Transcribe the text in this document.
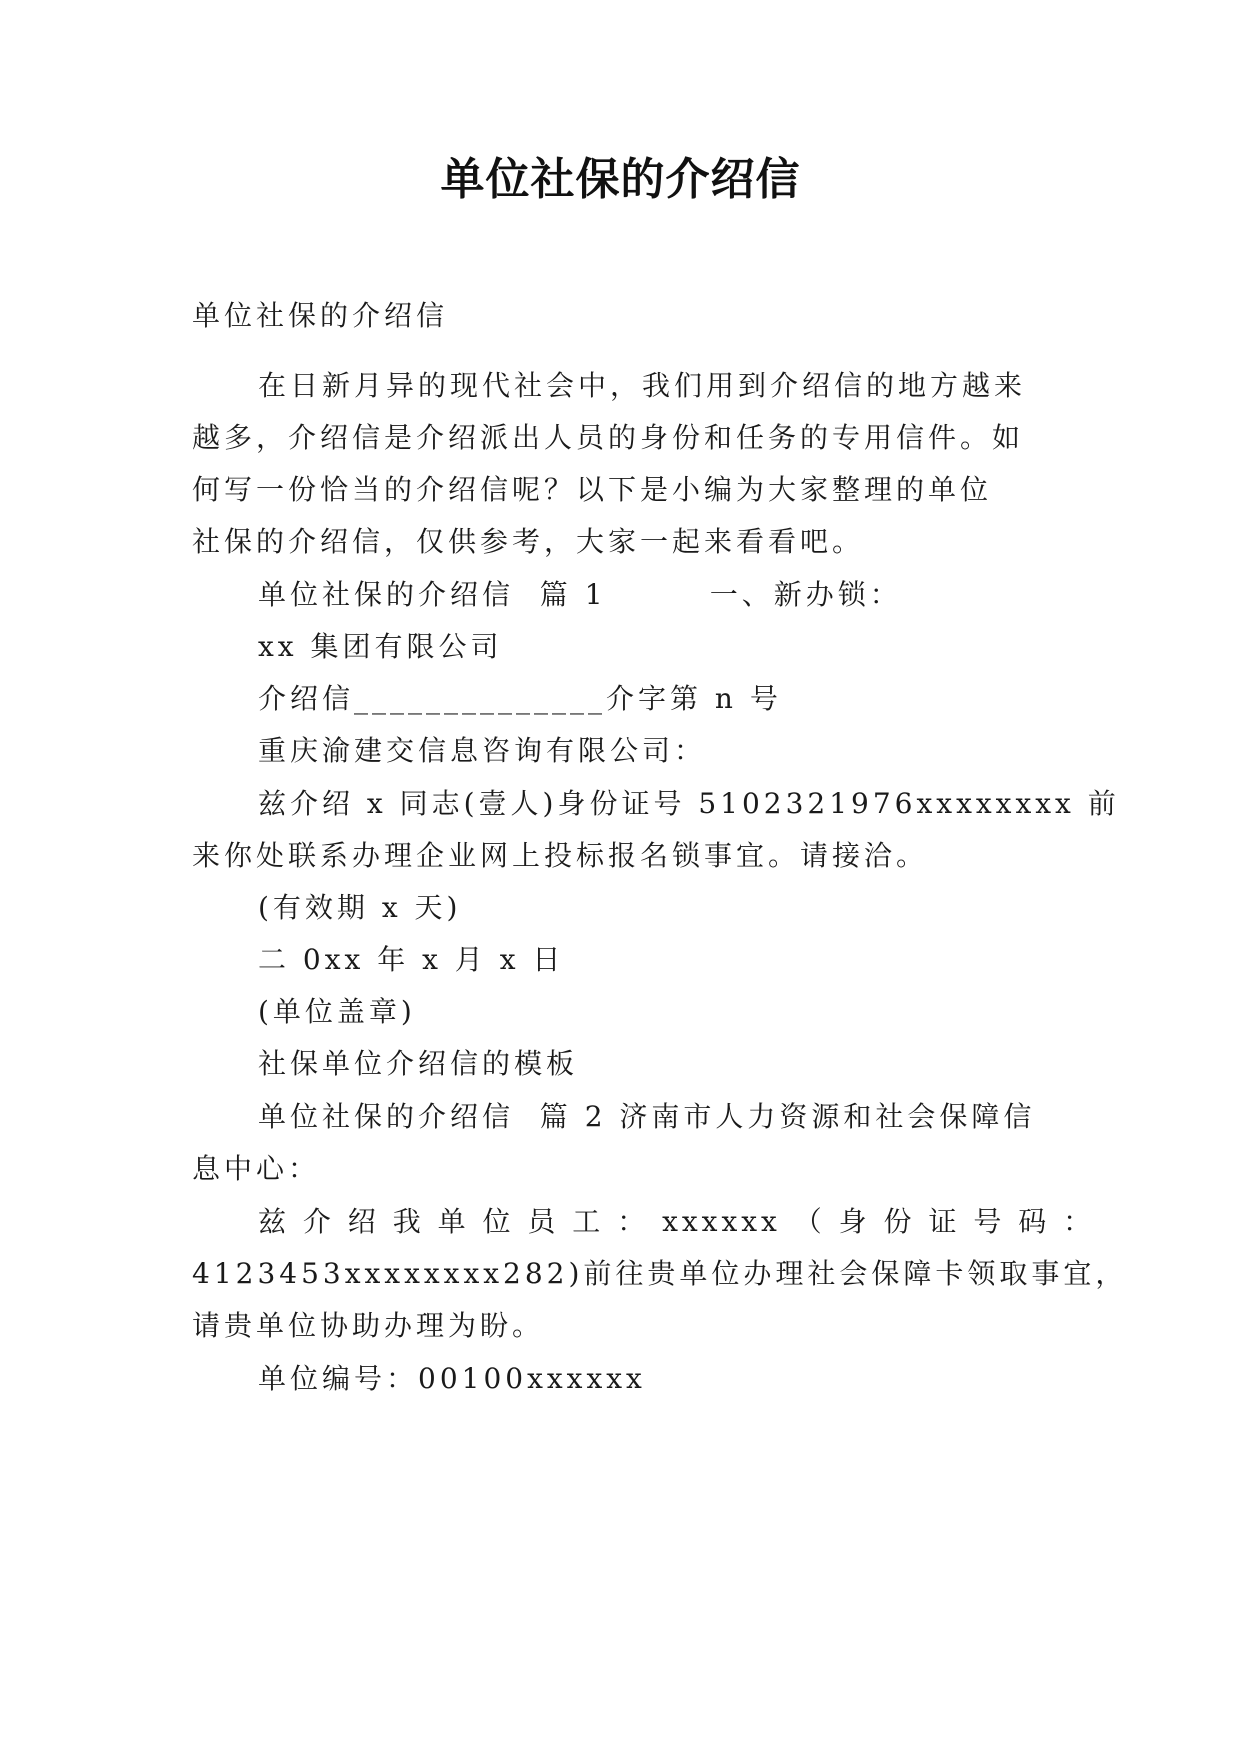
单位社保的介绍信
单位社保的介绍信
在日新月异的现代社会中，我们用到介绍信的地方越来
越多，介绍信是介绍派出人员的身份和任务的专用信件。如
何写一份恰当的介绍信呢？以下是小编为大家整理的单位
社保的介绍信，仅供参考，大家一起来看看吧。
单位社保的介绍信  篇 1        一、新办锁：
xx 集团有限公司
介绍信______________介字第 n 号
重庆渝建交信息咨询有限公司：
兹介绍 x 同志(壹人)身份证号 5102321976xxxxxxxx 前
来你处联系办理企业网上投标报名锁事宜。请接洽。
(有效期 x 天)
二 0xx 年 x 月 x 日
(单位盖章)
社保单位介绍信的模板
单位社保的介绍信  篇 2 济南市人力资源和社会保障信
息中心：
兹 介 绍 我 单 位 员 工 ： xxxxxx （ 身 份 证 号 码 ：
4123453xxxxxxxx282)前往贵单位办理社会保障卡领取事宜，
请贵单位协助办理为盼。
单位编号：00100xxxxxx
